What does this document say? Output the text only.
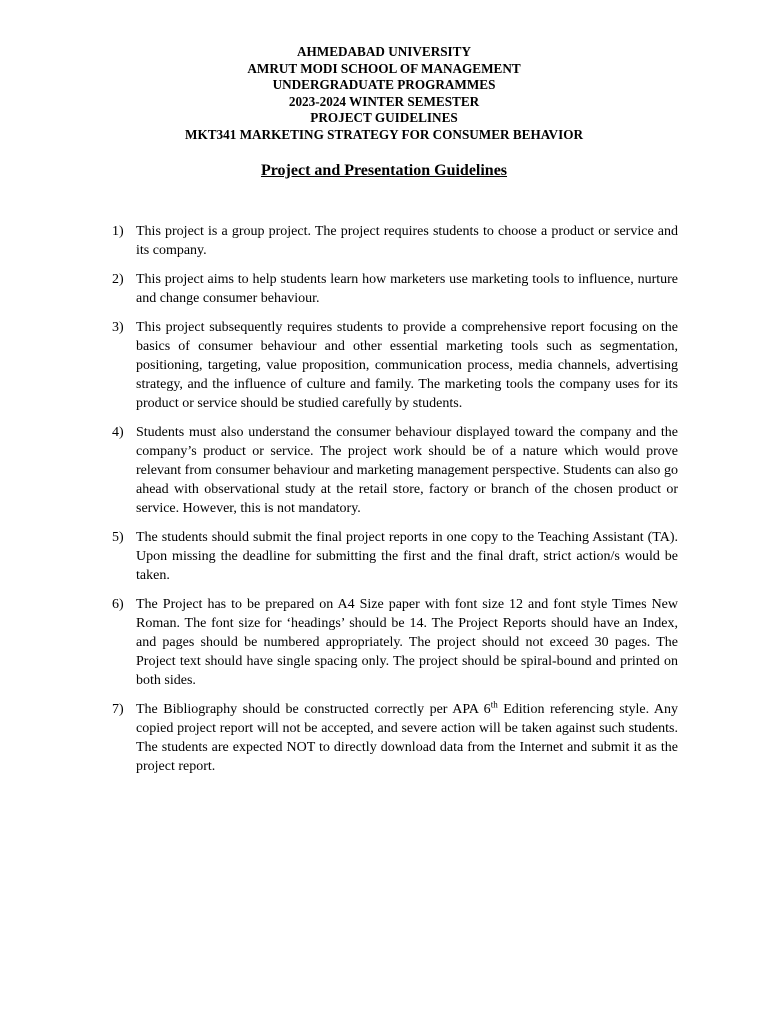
AHMEDABAD UNIVERSITY
AMRUT MODI SCHOOL OF MANAGEMENT
UNDERGRADUATE PROGRAMMES
2023-2024 WINTER SEMESTER
PROJECT GUIDELINES
MKT341 MARKETING STRATEGY FOR CONSUMER BEHAVIOR
Project and Presentation Guidelines
1) This project is a group project. The project requires students to choose a product or service and its company.
2) This project aims to help students learn how marketers use marketing tools to influence, nurture and change consumer behaviour.
3) This project subsequently requires students to provide a comprehensive report focusing on the basics of consumer behaviour and other essential marketing tools such as segmentation, positioning, targeting, value proposition, communication process, media channels, advertising strategy, and the influence of culture and family. The marketing tools the company uses for its product or service should be studied carefully by students.
4) Students must also understand the consumer behaviour displayed toward the company and the company’s product or service. The project work should be of a nature which would prove relevant from consumer behaviour and marketing management perspective. Students can also go ahead with observational study at the retail store, factory or branch of the chosen product or service. However, this is not mandatory.
5) The students should submit the final project reports in one copy to the Teaching Assistant (TA). Upon missing the deadline for submitting the first and the final draft, strict action/s would be taken.
6) The Project has to be prepared on A4 Size paper with font size 12 and font style Times New Roman. The font size for ‘headings’ should be 14. The Project Reports should have an Index, and pages should be numbered appropriately. The project should not exceed 30 pages. The Project text should have single spacing only. The project should be spiral-bound and printed on both sides.
7) The Bibliography should be constructed correctly per APA 6th Edition referencing style. Any copied project report will not be accepted, and severe action will be taken against such students. The students are expected NOT to directly download data from the Internet and submit it as the project report.
